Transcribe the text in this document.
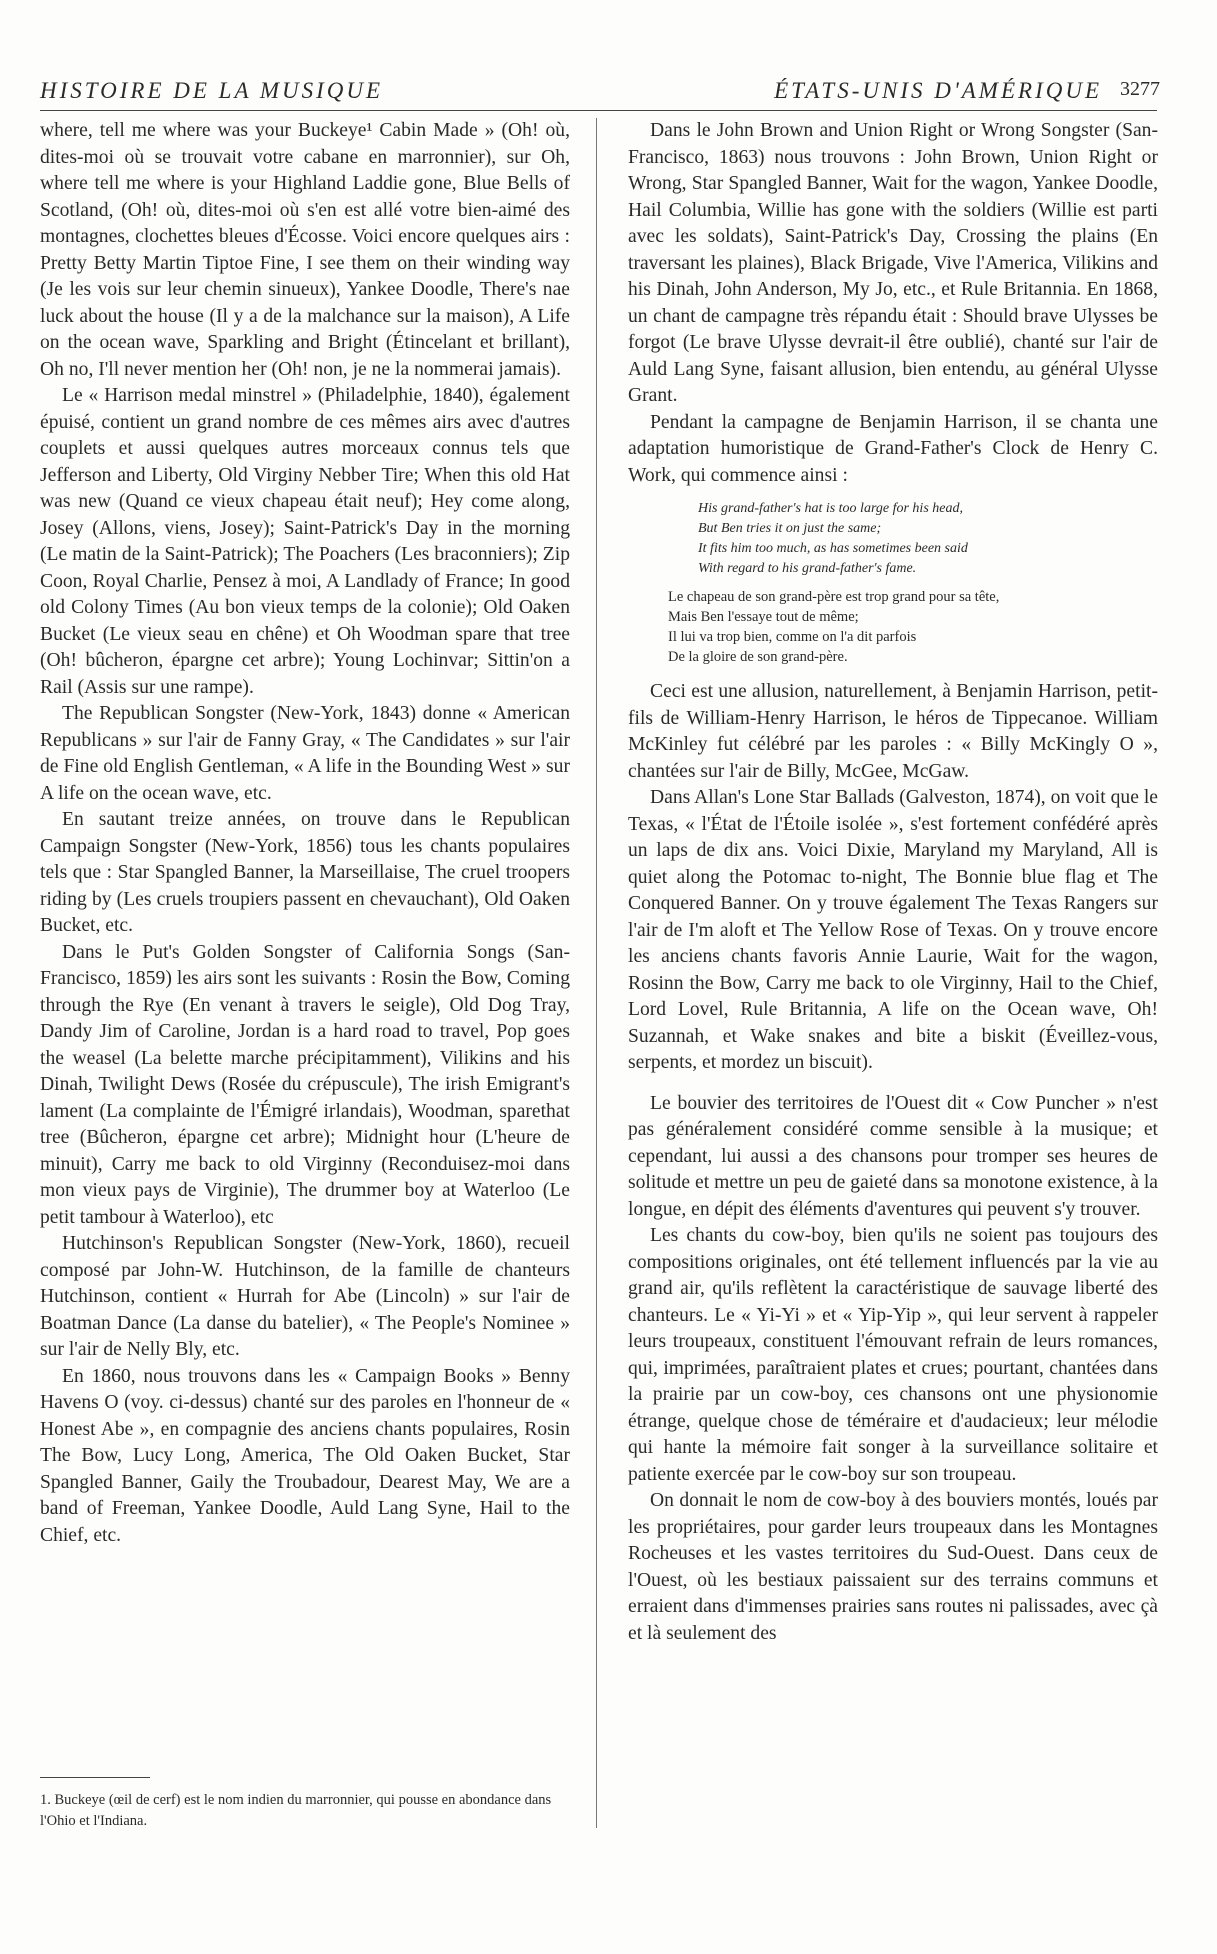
HISTOIRE DE LA MUSIQUE	ÉTATS-UNIS D'AMÉRIQUE 3277

where, tell me where was your Buckeye¹ Cabin Made » (Oh! où, dites-moi où se trouvait votre cabane en marronnier), sur Oh, where tell me where is your Highland Laddie gone, Blue Bells of Scotland, (Oh! où, dites-moi où s'en est allé votre bien-aimé des montagnes, clochettes bleues d'Écosse. Voici encore quelques airs : Pretty Betty Martin Tiptoe Fine, I see them on their winding way (Je les vois sur leur chemin sinueux), Yankee Doodle, There's nae luck about the house (Il y a de la malchance sur la maison), A Life on the ocean wave, Sparkling and Bright (Étincelant et brillant), Oh no, I'll never mention her (Oh! non, je ne la nommerai jamais).

Le « Harrison medal minstrel » (Philadelphie, 1840), également épuisé, contient un grand nombre de ces mêmes airs avec d'autres couplets et aussi quelques autres morceaux connus tels que Jefferson and Liberty, Old Virginy Nebber Tire; When this old Hat was new (Quand ce vieux chapeau était neuf); Hey come along, Josey (Allons, viens, Josey); Saint-Patrick's Day in the morning (Le matin de la Saint-Patrick); The Poachers (Les braconniers); Zip Coon, Royal Charlie, Pensez à moi, A Landlady of France; In good old Colony Times (Au bon vieux temps de la colonie); Old Oaken Bucket (Le vieux seau en chêne) et Oh Woodman spare that tree (Oh! bûcheron, épargne cet arbre); Young Lochinvar; Sittin'on a Rail (Assis sur une rampe).

The Republican Songster (New-York, 1843) donne « American Republicans » sur l'air de Fanny Gray, « The Candidates » sur l'air de Fine old English Gentleman, « A life in the Bounding West » sur A life on the ocean wave, etc.

En sautant treize années, on trouve dans le Republican Campaign Songster (New-York, 1856) tous les chants populaires tels que : Star Spangled Banner, la Marseillaise, The cruel troopers riding by (Les cruels troupiers passent en chevauchant), Old Oaken Bucket, etc.

Dans le Put's Golden Songster of California Songs (San-Francisco, 1859) les airs sont les suivants : Rosin the Bow, Coming through the Rye (En venant à travers le seigle), Old Dog Tray, Dandy Jim of Caroline, Jordan is a hard road to travel, Pop goes the weasel (La belette marche précipitamment), Vilikins and his Dinah, Twilight Dews (Rosée du crépuscule), The irish Emigrant's lament (La complainte de l'Émigré irlandais), Woodman, sparethat tree (Bûcheron, épargne cet arbre); Midnight hour (L'heure de minuit), Carry me back to old Virginny (Reconduisez-moi dans mon vieux pays de Virginie), The drummer boy at Waterloo (Le petit tambour à Waterloo), etc

Hutchinson's Republican Songster (New-York, 1860), recueil composé par John-W. Hutchinson, de la famille de chanteurs Hutchinson, contient « Hurrah for Abe (Lincoln) » sur l'air de Boatman Dance (La danse du batelier), « The People's Nominee » sur l'air de Nelly Bly, etc.

En 1860, nous trouvons dans les « Campaign Books » Benny Havens O (voy. ci-dessus) chanté sur des paroles en l'honneur de « Honest Abe », en compagnie des anciens chants populaires, Rosin The Bow, Lucy Long, America, The Old Oaken Bucket, Star Spangled Banner, Gaily the Troubadour, Dearest May, We are a band of Freeman, Yankee Doodle, Auld Lang Syne, Hail to the Chief, etc.

Dans le John Brown and Union Right or Wrong Songster (San-Francisco, 1863) nous trouvons : John Brown, Union Right or Wrong, Star Spangled Banner, Wait for the wagon, Yankee Doodle, Hail Columbia, Willie has gone with the soldiers (Willie est parti avec les soldats), Saint-Patrick's Day, Crossing the plains (En traversant les plaines), Black Brigade, Vive l'America, Vilikins and his Dinah, John Anderson, My Jo, etc., et Rule Britannia. En 1868, un chant de campagne très répandu était : Should brave Ulysses be forgot (Le brave Ulysse devrait-il être oublié), chanté sur l'air de Auld Lang Syne, faisant allusion, bien entendu, au général Ulysse Grant.

Pendant la campagne de Benjamin Harrison, il se chanta une adaptation humoristique de Grand-Father's Clock de Henry C. Work, qui commence ainsi :

His grand-father's hat is too large for his head,
But Ben tries it on just the same;
It fits him too much, as has sometimes been said
With regard to his grand-father's fame.
Le chapeau de son grand-père est trop grand pour sa tête,
Mais Ben l'essaye tout de même;
Il lui va trop bien, comme on l'a dit parfois
De la gloire de son grand-père.

Ceci est une allusion, naturellement, à Benjamin Harrison, petit-fils de William-Henry Harrison, le héros de Tippecanoe. William McKinley fut célébré par les paroles : « Billy McKingly O », chantées sur l'air de Billy, McGee, McGaw.

Dans Allan's Lone Star Ballads (Galveston, 1874), on voit que le Texas, « l'État de l'Étoile isolée », s'est fortement confédéré après un laps de dix ans. Voici Dixie, Maryland my Maryland, All is quiet along the Potomac to-night, The Bonnie blue flag et The Conquered Banner. On y trouve également The Texas Rangers sur l'air de I'm aloft et The Yellow Rose of Texas. On y trouve encore les anciens chants favoris Annie Laurie, Wait for the wagon, Rosinn the Bow, Carry me back to ole Virginny, Hail to the Chief, Lord Lovel, Rule Britannia, A life on the Ocean wave, Oh! Suzannah, et Wake snakes and bite a biskit (Éveillez-vous, serpents, et mordez un biscuit).

Le bouvier des territoires de l'Ouest dit « Cow Puncher » n'est pas généralement considéré comme sensible à la musique; et cependant, lui aussi a des chansons pour tromper ses heures de solitude et mettre un peu de gaieté dans sa monotone existence, à la longue, en dépit des éléments d'aventures qui peuvent s'y trouver.

Les chants du cow-boy, bien qu'ils ne soient pas toujours des compositions originales, ont été tellement influencés par la vie au grand air, qu'ils reflètent la caractéristique de sauvage liberté des chanteurs. Le « Yi-Yi » et « Yip-Yip », qui leur servent à rappeler leurs troupeaux, constituent l'émouvant refrain de leurs romances, qui, imprimées, paraîtraient plates et crues; pourtant, chantées dans la prairie par un cow-boy, ces chansons ont une physionomie étrange, quelque chose de téméraire et d'audacieux; leur mélodie qui hante la mémoire fait songer à la surveillance solitaire et patiente exercée par le cow-boy sur son troupeau.

On donnait le nom de cow-boy à des bouviers montés, loués par les propriétaires, pour garder leurs troupeaux dans les Montagnes Rocheuses et les vastes territoires du Sud-Ouest. Dans ceux de l'Ouest, où les bestiaux paissaient sur des terrains communs et erraient dans d'immenses prairies sans routes ni palissades, avec çà et là seulement des

1. Buckeye (œil de cerf) est le nom indien du marronnier, qui pousse en abondance dans l'Ohio et l'Indiana.
